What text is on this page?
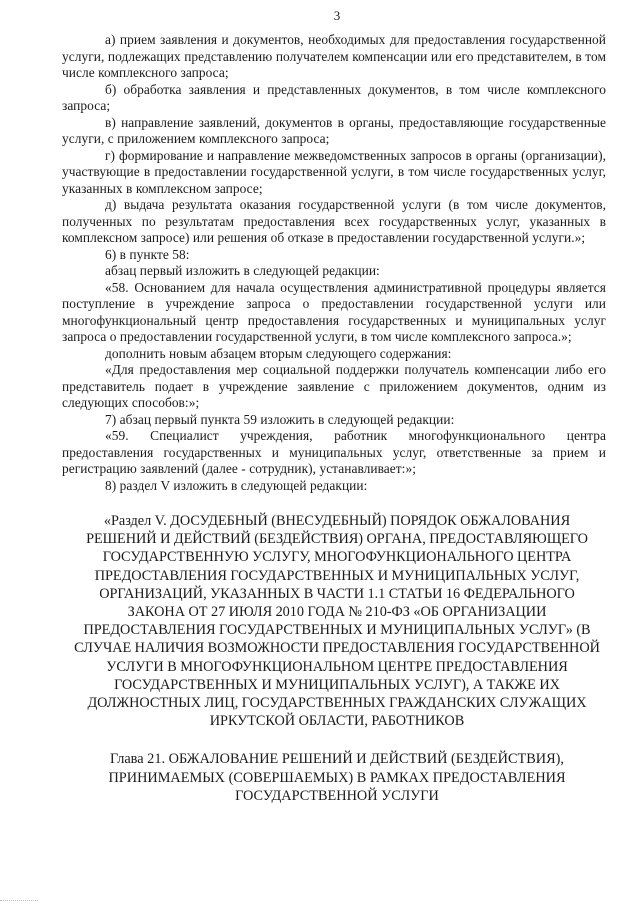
3

а) прием заявления и документов, необходимых для предоставления государственной услуги, подлежащих представлению получателем компенсации или его представителем, в том числе комплексного запроса;

б) обработка заявления и представленных документов, в том числе комплексного запроса;

в) направление заявлений, документов в органы, предоставляющие государственные услуги, с приложением комплексного запроса;

г) формирование и направление межведомственных запросов в органы (организации), участвующие в предоставлении государственной услуги, в том числе государственных услуг, указанных в комплексном запросе;

д) выдача результата оказания государственной услуги (в том числе документов, полученных по результатам предоставления всех государственных услуг, указанных в комплексном запросе) или решения об отказе в предоставлении государственной услуги.»;

6) в пункте 58:

абзац первый изложить в следующей редакции:

«58. Основанием для начала осуществления административной процедуры является поступление в учреждение запроса о предоставлении государственной услуги или многофункциональный центр предоставления государственных и муниципальных услуг запроса о предоставлении государственной услуги, в том числе комплексного запроса.»;

дополнить новым абзацем вторым следующего содержания:

«Для предоставления мер социальной поддержки получатель компенсации либо его представитель подает в учреждение заявление с приложением документов, одним из следующих способов:»;

7) абзац первый пункта 59 изложить в следующей редакции:

«59. Специалист учреждения, работник многофункционального центра предоставления государственных и муниципальных услуг, ответственные за прием и регистрацию заявлений (далее - сотрудник), устанавливает:»;

8) раздел V изложить в следующей редакции:

«Раздел V. ДОСУДЕБНЫЙ (ВНЕСУДЕБНЫЙ) ПОРЯДОК ОБЖАЛОВАНИЯ РЕШЕНИЙ И ДЕЙСТВИЙ (БЕЗДЕЙСТВИЯ) ОРГАНА, ПРЕДОСТАВЛЯЮЩЕГО ГОСУДАРСТВЕННУЮ УСЛУГУ, МНОГОФУНКЦИОНАЛЬНОГО ЦЕНТРА ПРЕДОСТАВЛЕНИЯ ГОСУДАРСТВЕННЫХ И МУНИЦИПАЛЬНЫХ УСЛУГ, ОРГАНИЗАЦИЙ, УКАЗАННЫХ В ЧАСТИ 1.1 СТАТЬИ 16 ФЕДЕРАЛЬНОГО ЗАКОНА ОТ 27 ИЮЛЯ 2010 ГОДА № 210-ФЗ «ОБ ОРГАНИЗАЦИИ ПРЕДОСТАВЛЕНИЯ ГОСУДАРСТВЕННЫХ И МУНИЦИПАЛЬНЫХ УСЛУГ» (В СЛУЧАЕ НАЛИЧИЯ ВОЗМОЖНОСТИ ПРЕДОСТАВЛЕНИЯ ГОСУДАРСТВЕННОЙ УСЛУГИ В МНОГОФУНКЦИОНАЛЬНОМ ЦЕНТРЕ ПРЕДОСТАВЛЕНИЯ ГОСУДАРСТВЕННЫХ И МУНИЦИПАЛЬНЫХ УСЛУГ), А ТАКЖЕ ИХ ДОЛЖНОСТНЫХ ЛИЦ, ГОСУДАРСТВЕННЫХ ГРАЖДАНСКИХ СЛУЖАЩИХ ИРКУТСКОЙ ОБЛАСТИ, РАБОТНИКОВ
Глава 21. ОБЖАЛОВАНИЕ РЕШЕНИЙ И ДЕЙСТВИЙ (БЕЗДЕЙСТВИЯ), ПРИНИМАЕМЫХ (СОВЕРШАЕМЫХ) В РАМКАХ ПРЕДОСТАВЛЕНИЯ ГОСУДАРСТВЕННОЙ УСЛУГИ
